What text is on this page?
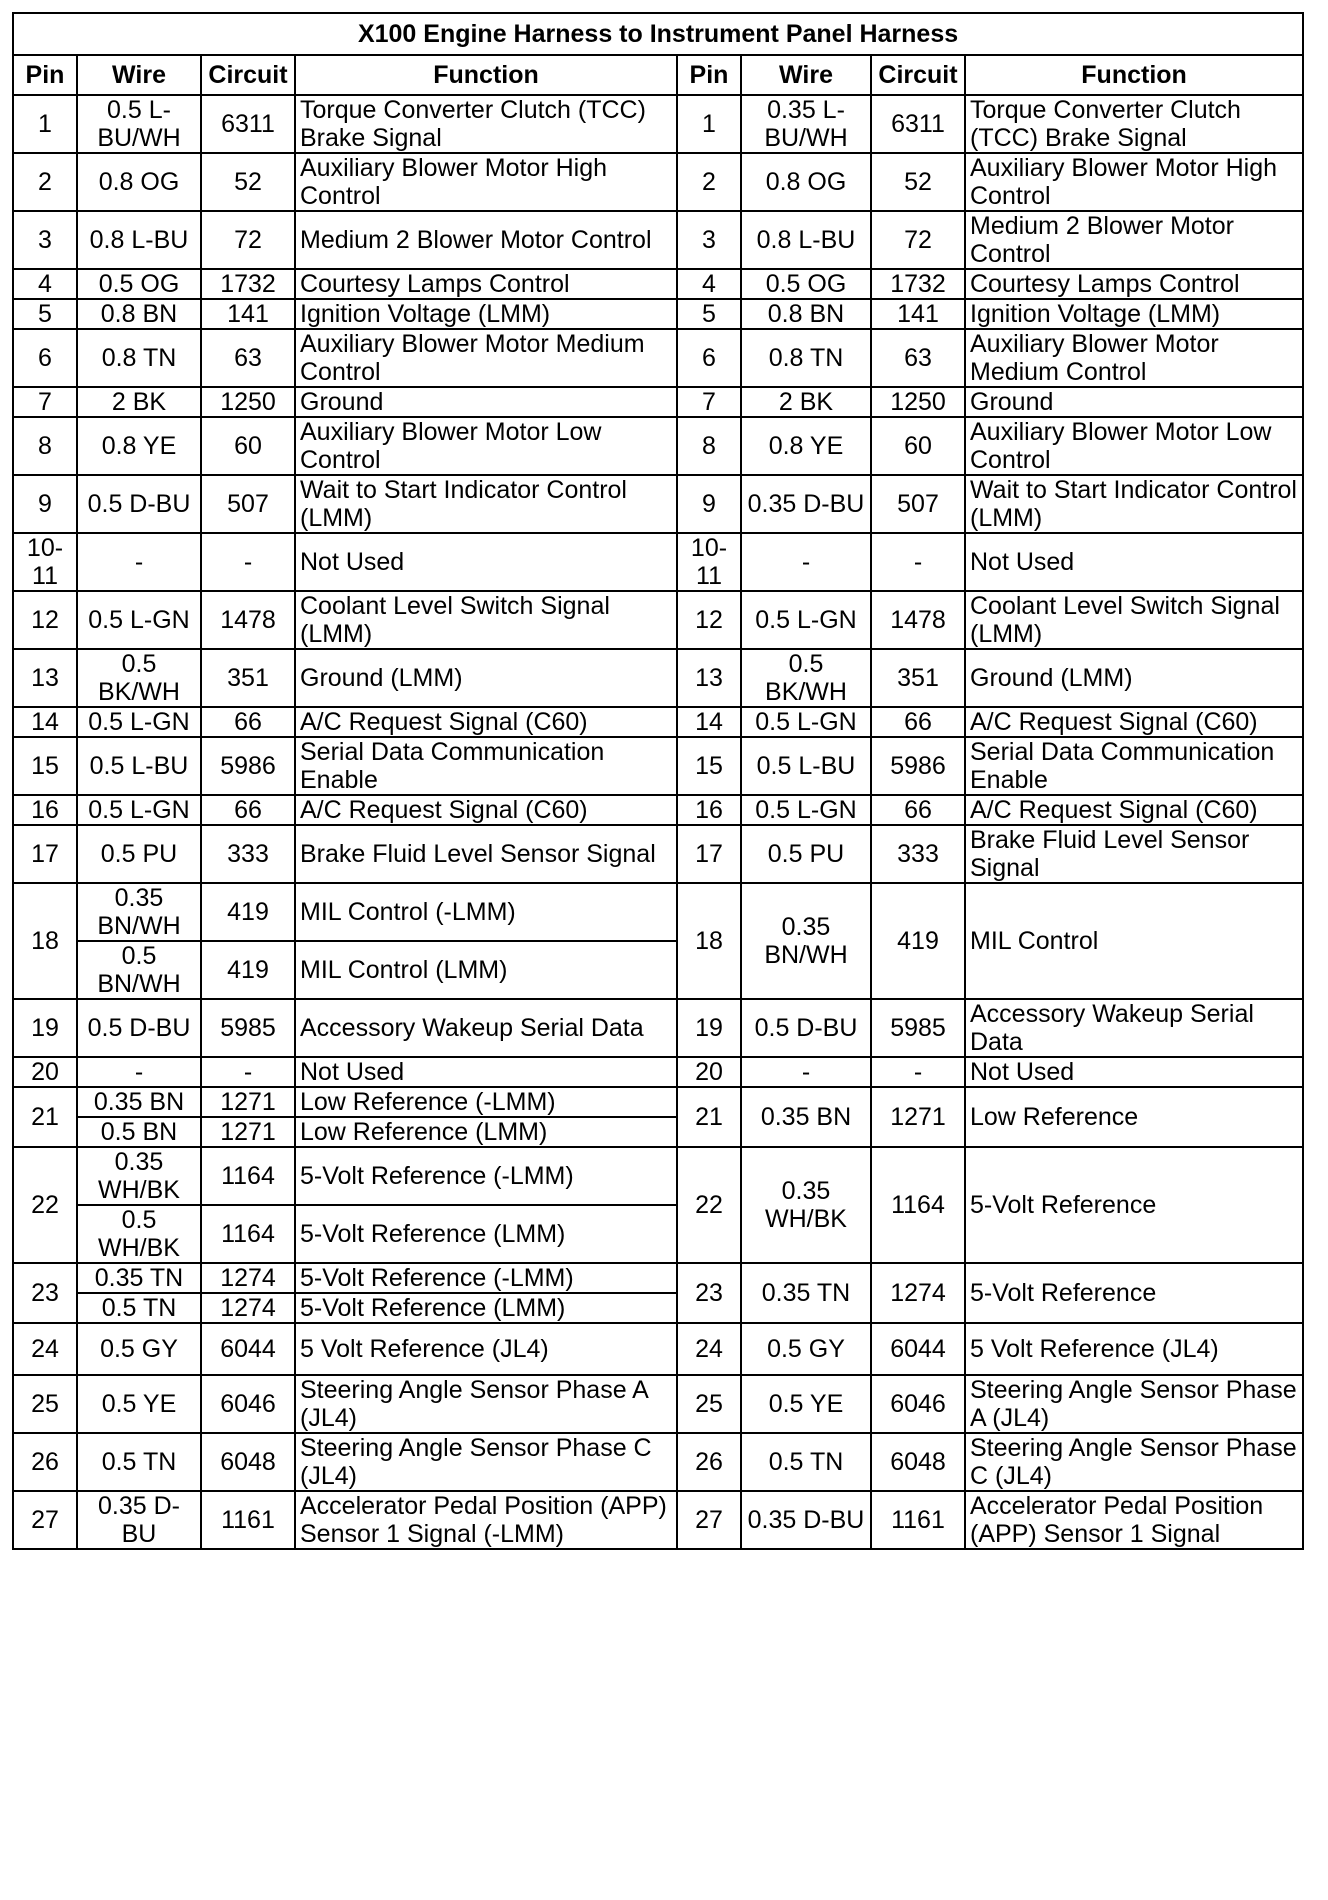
X100 Engine Harness to Instrument Panel Harness							
Pin	Wire	Circuit	Function	Pin	Wire	Circuit	Function
1	0.5 L-BU/WH	6311	Torque Converter Clutch (TCC) Brake Signal	1	0.35 L-BU/WH	6311	Torque Converter Clutch (TCC) Brake Signal
2	0.8 OG	52	Auxiliary Blower Motor High Control	2	0.8 OG	52	Auxiliary Blower Motor High Control
3	0.8 L-BU	72	Medium 2 Blower Motor Control	3	0.8 L-BU	72	Medium 2 Blower Motor Control
4	0.5 OG	1732	Courtesy Lamps Control	4	0.5 OG	1732	Courtesy Lamps Control
5	0.8 BN	141	Ignition Voltage (LMM)	5	0.8 BN	141	Ignition Voltage (LMM)
6	0.8 TN	63	Auxiliary Blower Motor Medium Control	6	0.8 TN	63	Auxiliary Blower Motor Medium Control
7	2 BK	1250	Ground	7	2 BK	1250	Ground
8	0.8 YE	60	Auxiliary Blower Motor Low Control	8	0.8 YE	60	Auxiliary Blower Motor Low Control
9	0.5 D-BU	507	Wait to Start Indicator Control (LMM)	9	0.35 D-BU	507	Wait to Start Indicator Control (LMM)
10-11	-	-	Not Used	10-11	-	-	Not Used
12	0.5 L-GN	1478	Coolant Level Switch Signal (LMM)	12	0.5 L-GN	1478	Coolant Level Switch Signal (LMM)
13	0.5 BK/WH	351	Ground (LMM)	13	0.5 BK/WH	351	Ground (LMM)
14	0.5 L-GN	66	A/C Request Signal (C60)	14	0.5 L-GN	66	A/C Request Signal (C60)
15	0.5 L-BU	5986	Serial Data Communication Enable	15	0.5 L-BU	5986	Serial Data Communication Enable
16	0.5 L-GN	66	A/C Request Signal (C60)	16	0.5 L-GN	66	A/C Request Signal (C60)
17	0.5 PU	333	Brake Fluid Level Sensor Signal	17	0.5 PU	333	Brake Fluid Level Sensor Signal
18	0.35 BN/WH	419	MIL Control (-LMM)	18	0.35 BN/WH	419	MIL Control
	0.5 BN/WH	419	MIL Control (LMM)				
19	0.5 D-BU	5985	Accessory Wakeup Serial Data	19	0.5 D-BU	5985	Accessory Wakeup Serial Data
20	-	-	Not Used	20	-	-	Not Used
21	0.35 BN	1271	Low Reference (-LMM)	21	0.35 BN	1271	Low Reference
	0.5 BN	1271	Low Reference (LMM)				
22	0.35 WH/BK	1164	5-Volt Reference (-LMM)	22	0.35 WH/BK	1164	5-Volt Reference
	0.5 WH/BK	1164	5-Volt Reference (LMM)				
23	0.35 TN	1274	5-Volt Reference (-LMM)	23	0.35 TN	1274	5-Volt Reference
	0.5 TN	1274	5-Volt Reference (LMM)				
24	0.5 GY	6044	5 Volt Reference (JL4)	24	0.5 GY	6044	5 Volt Reference (JL4)
25	0.5 YE	6046	Steering Angle Sensor Phase A (JL4)	25	0.5 YE	6046	Steering Angle Sensor Phase A (JL4)
26	0.5 TN	6048	Steering Angle Sensor Phase C (JL4)	26	0.5 TN	6048	Steering Angle Sensor Phase C (JL4)
27	0.35 D-BU	1161	Accelerator Pedal Position (APP) Sensor 1 Signal (-LMM)	27	0.35 D-BU	1161	Accelerator Pedal Position (APP) Sensor 1 Signal
